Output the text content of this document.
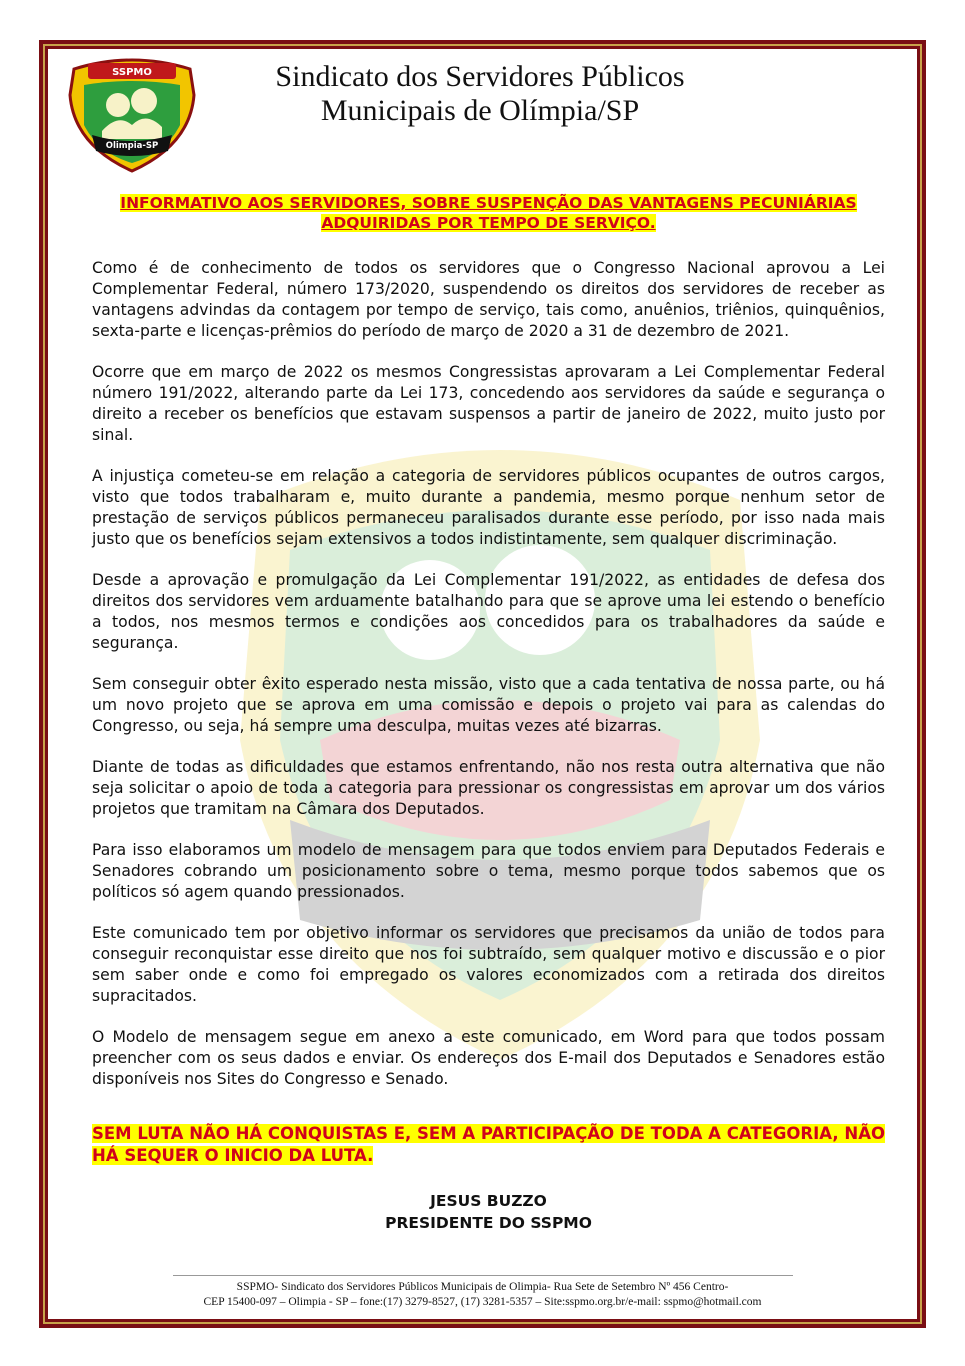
SSPMO
Olimpia-SP
Sindicato dos Servidores Públicos
Municipais de Olímpia/SP
INFORMATIVO AOS SERVIDORES, SOBRE SUSPENÇÃO DAS VANTAGENS PECUNIÁRIAS
ADQUIRIDAS POR TEMPO DE SERVIÇO.

Como é de conhecimento de todos os servidores que o Congresso Nacional aprovou a Lei Complementar Federal, número 173/2020, suspendendo os direitos dos servidores de receber as vantagens advindas da contagem por tempo de serviço, tais como, anuênios, triênios, quinquênios, sexta-parte e licenças-prêmios do período de março de 2020 a 31 de dezembro de 2021.

Ocorre que em março de 2022 os mesmos Congressistas aprovaram a Lei Complementar Federal número 191/2022, alterando parte da Lei 173, concedendo aos servidores da saúde e segurança o direito a receber os benefícios que estavam suspensos a partir de janeiro de 2022, muito justo por sinal.

A injustiça cometeu-se em relação a categoria de servidores públicos ocupantes de outros cargos, visto que todos trabalharam e, muito durante a pandemia, mesmo porque nenhum setor de prestação de serviços públicos permaneceu paralisados durante esse período, por isso nada mais justo que os benefícios sejam extensivos a todos indistintamente, sem qualquer discriminação.

Desde a aprovação e promulgação da Lei Complementar 191/2022, as entidades de defesa dos direitos dos servidores vem arduamente batalhando para que se aprove uma lei estendo o benefício a todos, nos mesmos termos e condições aos concedidos para os trabalhadores da saúde e segurança.

Sem conseguir obter êxito esperado nesta missão, visto que a cada tentativa de nossa parte, ou há um novo projeto que se aprova em uma comissão e depois o projeto vai para as calendas do Congresso, ou seja, há sempre uma desculpa, muitas vezes até bizarras.

Diante de todas as dificuldades que estamos enfrentando, não nos resta outra alternativa que não seja solicitar o apoio de toda a categoria para pressionar os congressistas em aprovar um dos vários projetos que tramitam na Câmara dos Deputados.

Para isso elaboramos um modelo de mensagem para que todos enviem para Deputados Federais e Senadores cobrando um posicionamento sobre o tema, mesmo porque todos sabemos que os políticos só agem quando pressionados.

Este comunicado tem por objetivo informar os servidores que precisamos da união de todos para conseguir reconquistar esse direito que nos foi subtraído, sem qualquer motivo e discussão e o pior sem saber onde e como foi empregado os valores economizados com a retirada dos direitos supracitados.

O Modelo de mensagem segue em anexo a este comunicado, em Word para que todos possam preencher com os seus dados e enviar. Os endereços dos E-mail dos Deputados e Senadores estão disponíveis nos Sites do Congresso e Senado.

SEM LUTA NÃO HÁ CONQUISTAS E, SEM A PARTICIPAÇÃO DE TODA A CATEGORIA, NÃO HÁ SEQUER O INICIO DA LUTA.
JESUS BUZZO
PRESIDENTE DO SSPMO
SSPMO- Sindicato dos Servidores Públicos Municipais de Olimpia- Rua Sete de Setembro Nº 456 Centro-
CEP 15400-097 – Olimpia - SP – fone:(17) 3279-8527, (17) 3281-5357 – Site:sspmo.org.br/e-mail: sspmo@hotmail.com
